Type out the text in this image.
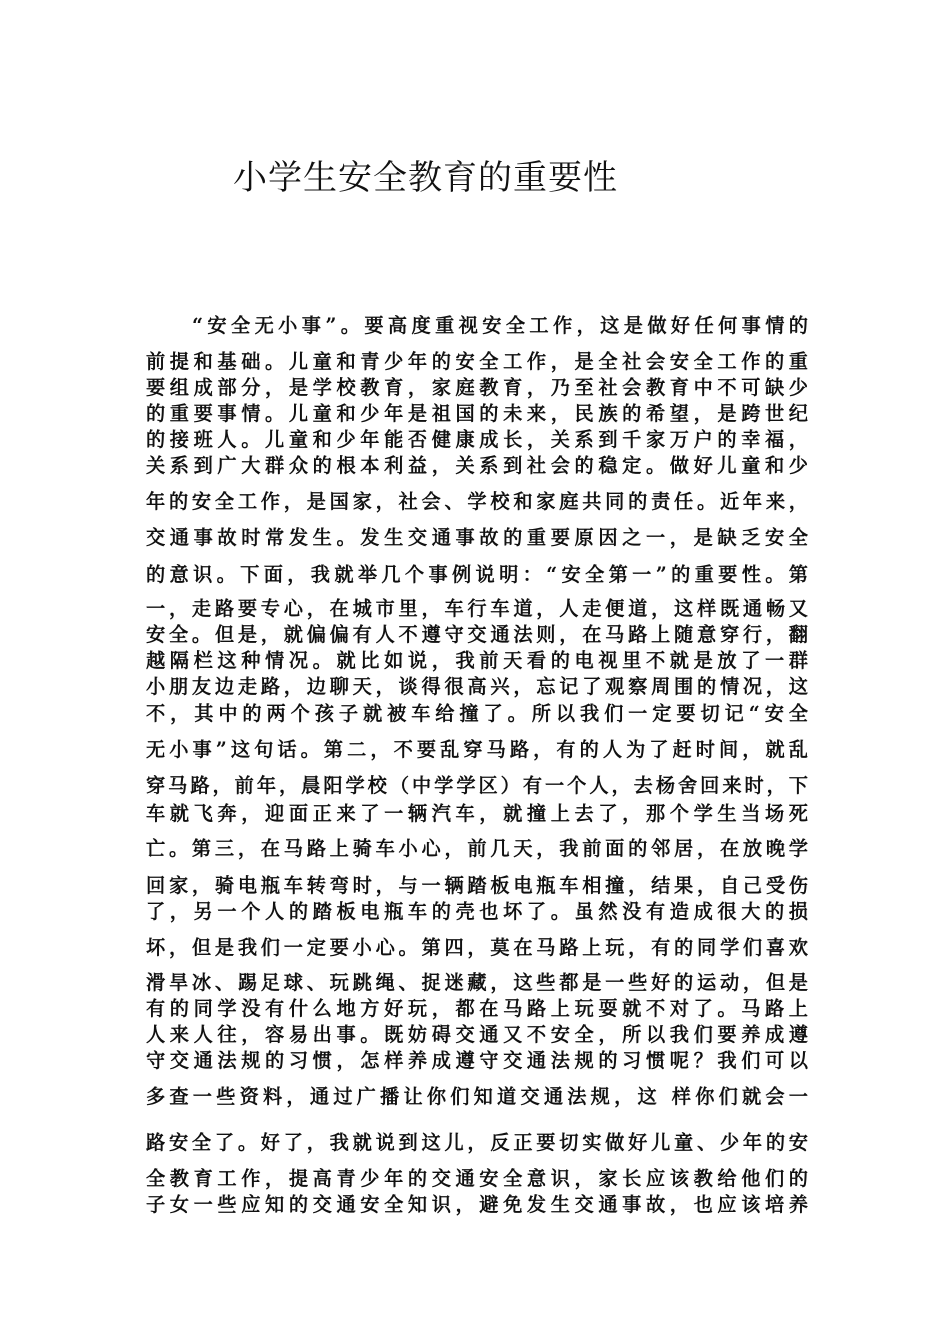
小学生安全教育的重要性
“安全无小事”。要高度重视安全工作，这是做好任何事情的
前提和基础。儿童和青少年的安全工作，是全社会安全工作的重
要组成部分，是学校教育，家庭教育，乃至社会教育中不可缺少
的重要事情。儿童和少年是祖国的未来，民族的希望，是跨世纪
的接班人。儿童和少年能否健康成长，关系到千家万户的幸福，
关系到广大群众的根本利益，关系到社会的稳定。做好儿童和少
年的安全工作，是国家，社会、学校和家庭共同的责任。近年来，
交通事故时常发生。发生交通事故的重要原因之一，是缺乏安全
的意识。下面，我就举几个事例说明：“安全第一”的重要性。第
一，走路要专心，在城市里，车行车道，人走便道，这样既通畅又
安全。但是，就偏偏有人不遵守交通法则，在马路上随意穿行，翻
越隔栏这种情况。就比如说，我前天看的电视里不就是放了一群
小朋友边走路，边聊天，谈得很高兴，忘记了观察周围的情况，这
不，其中的两个孩子就被车给撞了。所以我们一定要切记“安全
无小事”这句话。第二，不要乱穿马路，有的人为了赶时间，就乱
穿马路，前年，晨阳学校（中学学区）有一个人，去杨舍回来时，下
车就飞奔，迎面正来了一辆汽车，就撞上去了，那个学生当场死
亡。第三，在马路上骑车小心，前几天，我前面的邻居，在放晚学
回家，骑电瓶车转弯时，与一辆踏板电瓶车相撞，结果，自己受伤
了，另一个人的踏板电瓶车的壳也坏了。虽然没有造成很大的损
坏，但是我们一定要小心。第四，莫在马路上玩，有的同学们喜欢
滑旱冰、踢足球、玩跳绳、捉迷藏，这些都是一些好的运动，但是
有的同学没有什么地方好玩，都在马路上玩耍就不对了。马路上
人来人往，容易出事。既妨碍交通又不安全，所以我们要养成遵
守交通法规的习惯，怎样养成遵守交通法规的习惯呢？我们可以
多查一些资料，通过广播让你们知道交通法规，这 样你们就会一
路安全了。好了，我就说到这儿，反正要切实做好儿童、少年的安
全教育工作，提高青少年的交通安全意识，家长应该教给他们的
子女一些应知的交通安全知识，避免发生交通事故，也应该培养
